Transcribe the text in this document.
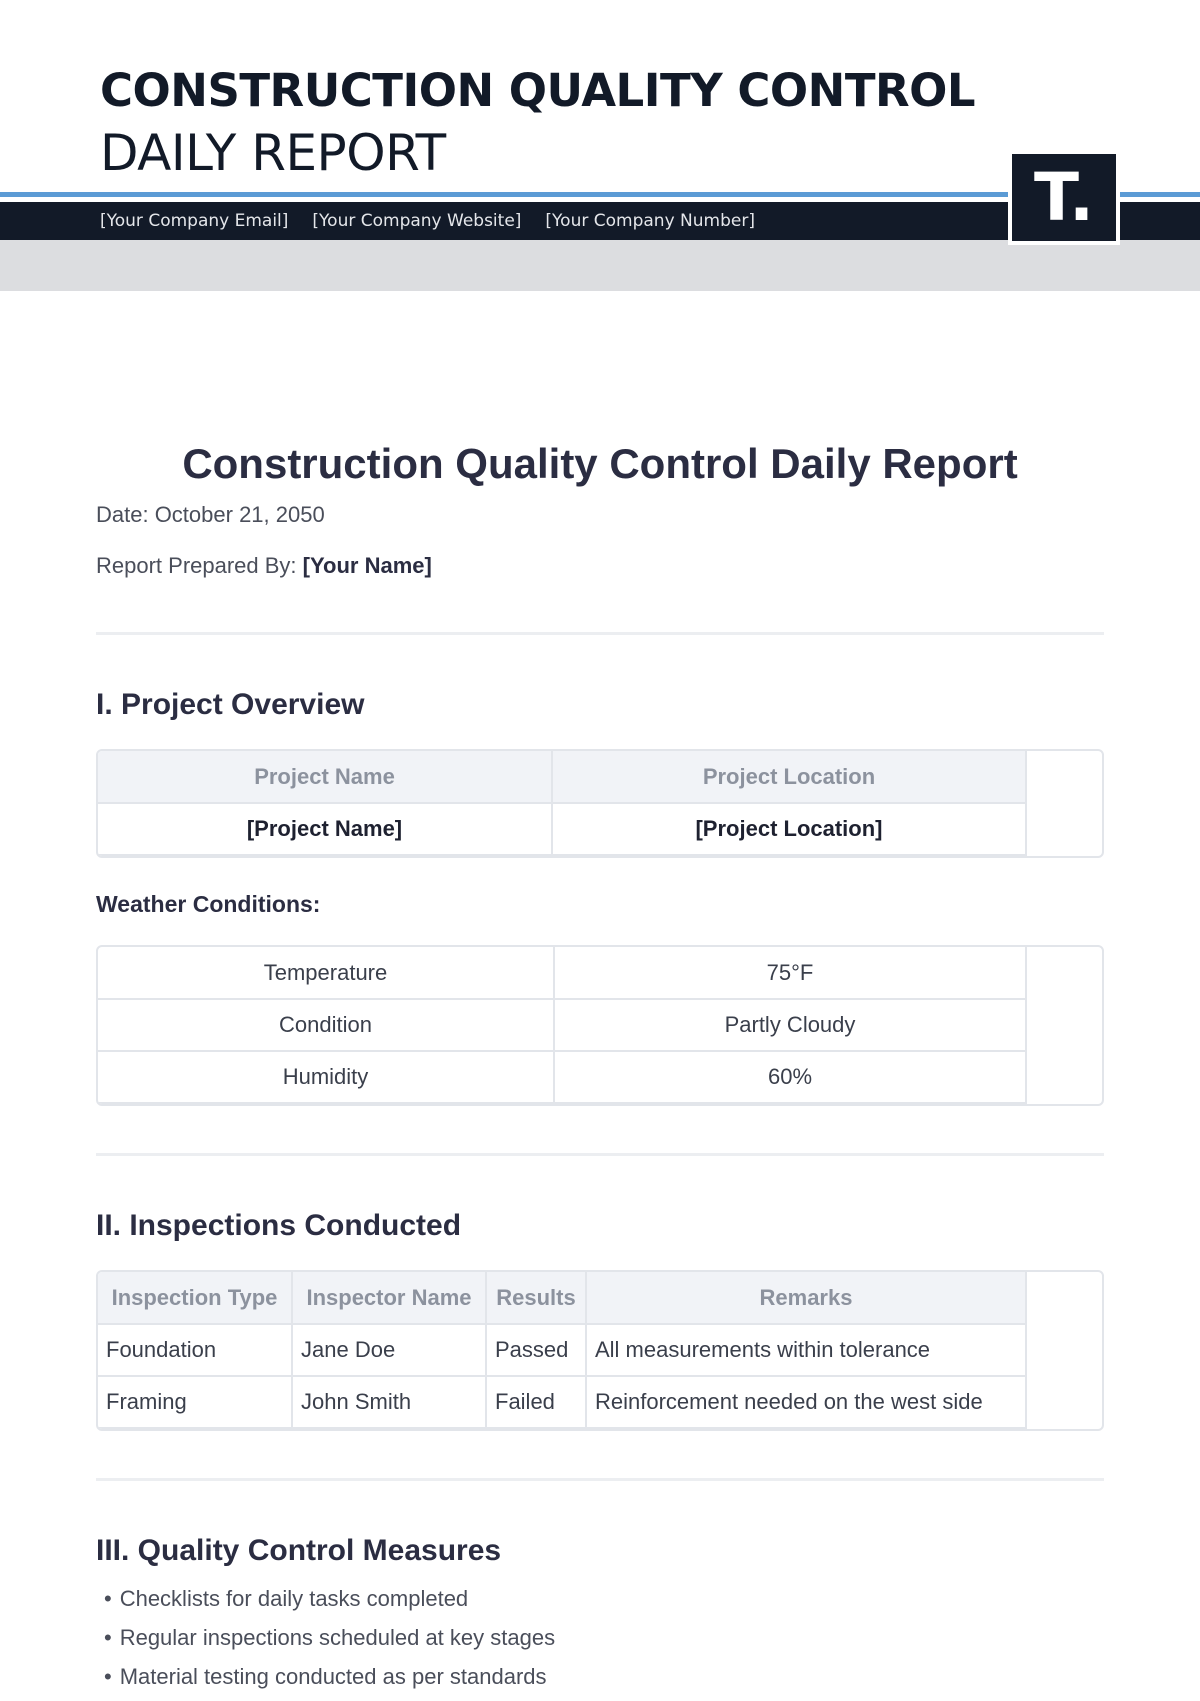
CONSTRUCTION QUALITY CONTROL
DAILY REPORT
[Your Company Email] [Your Company Website] [Your Company Number]	T.
Construction Quality Control Daily Report
Date: October 21, 2050
Report Prepared By: [Your Name]
I. Project Overview
Project Name	Project Location
[Project Name]	[Project Location]
Weather Conditions:
Temperature	75°F
Condition	Partly Cloudy
Humidity	60%
II. Inspections Conducted
Inspection Type	Inspector Name	Results	Remarks
Foundation	Jane Doe	Passed	All measurements within tolerance
Framing	John Smith	Failed	Reinforcement needed on the west side
III. Quality Control Measures
• Checklists for daily tasks completed
• Regular inspections scheduled at key stages
• Material testing conducted as per standards
